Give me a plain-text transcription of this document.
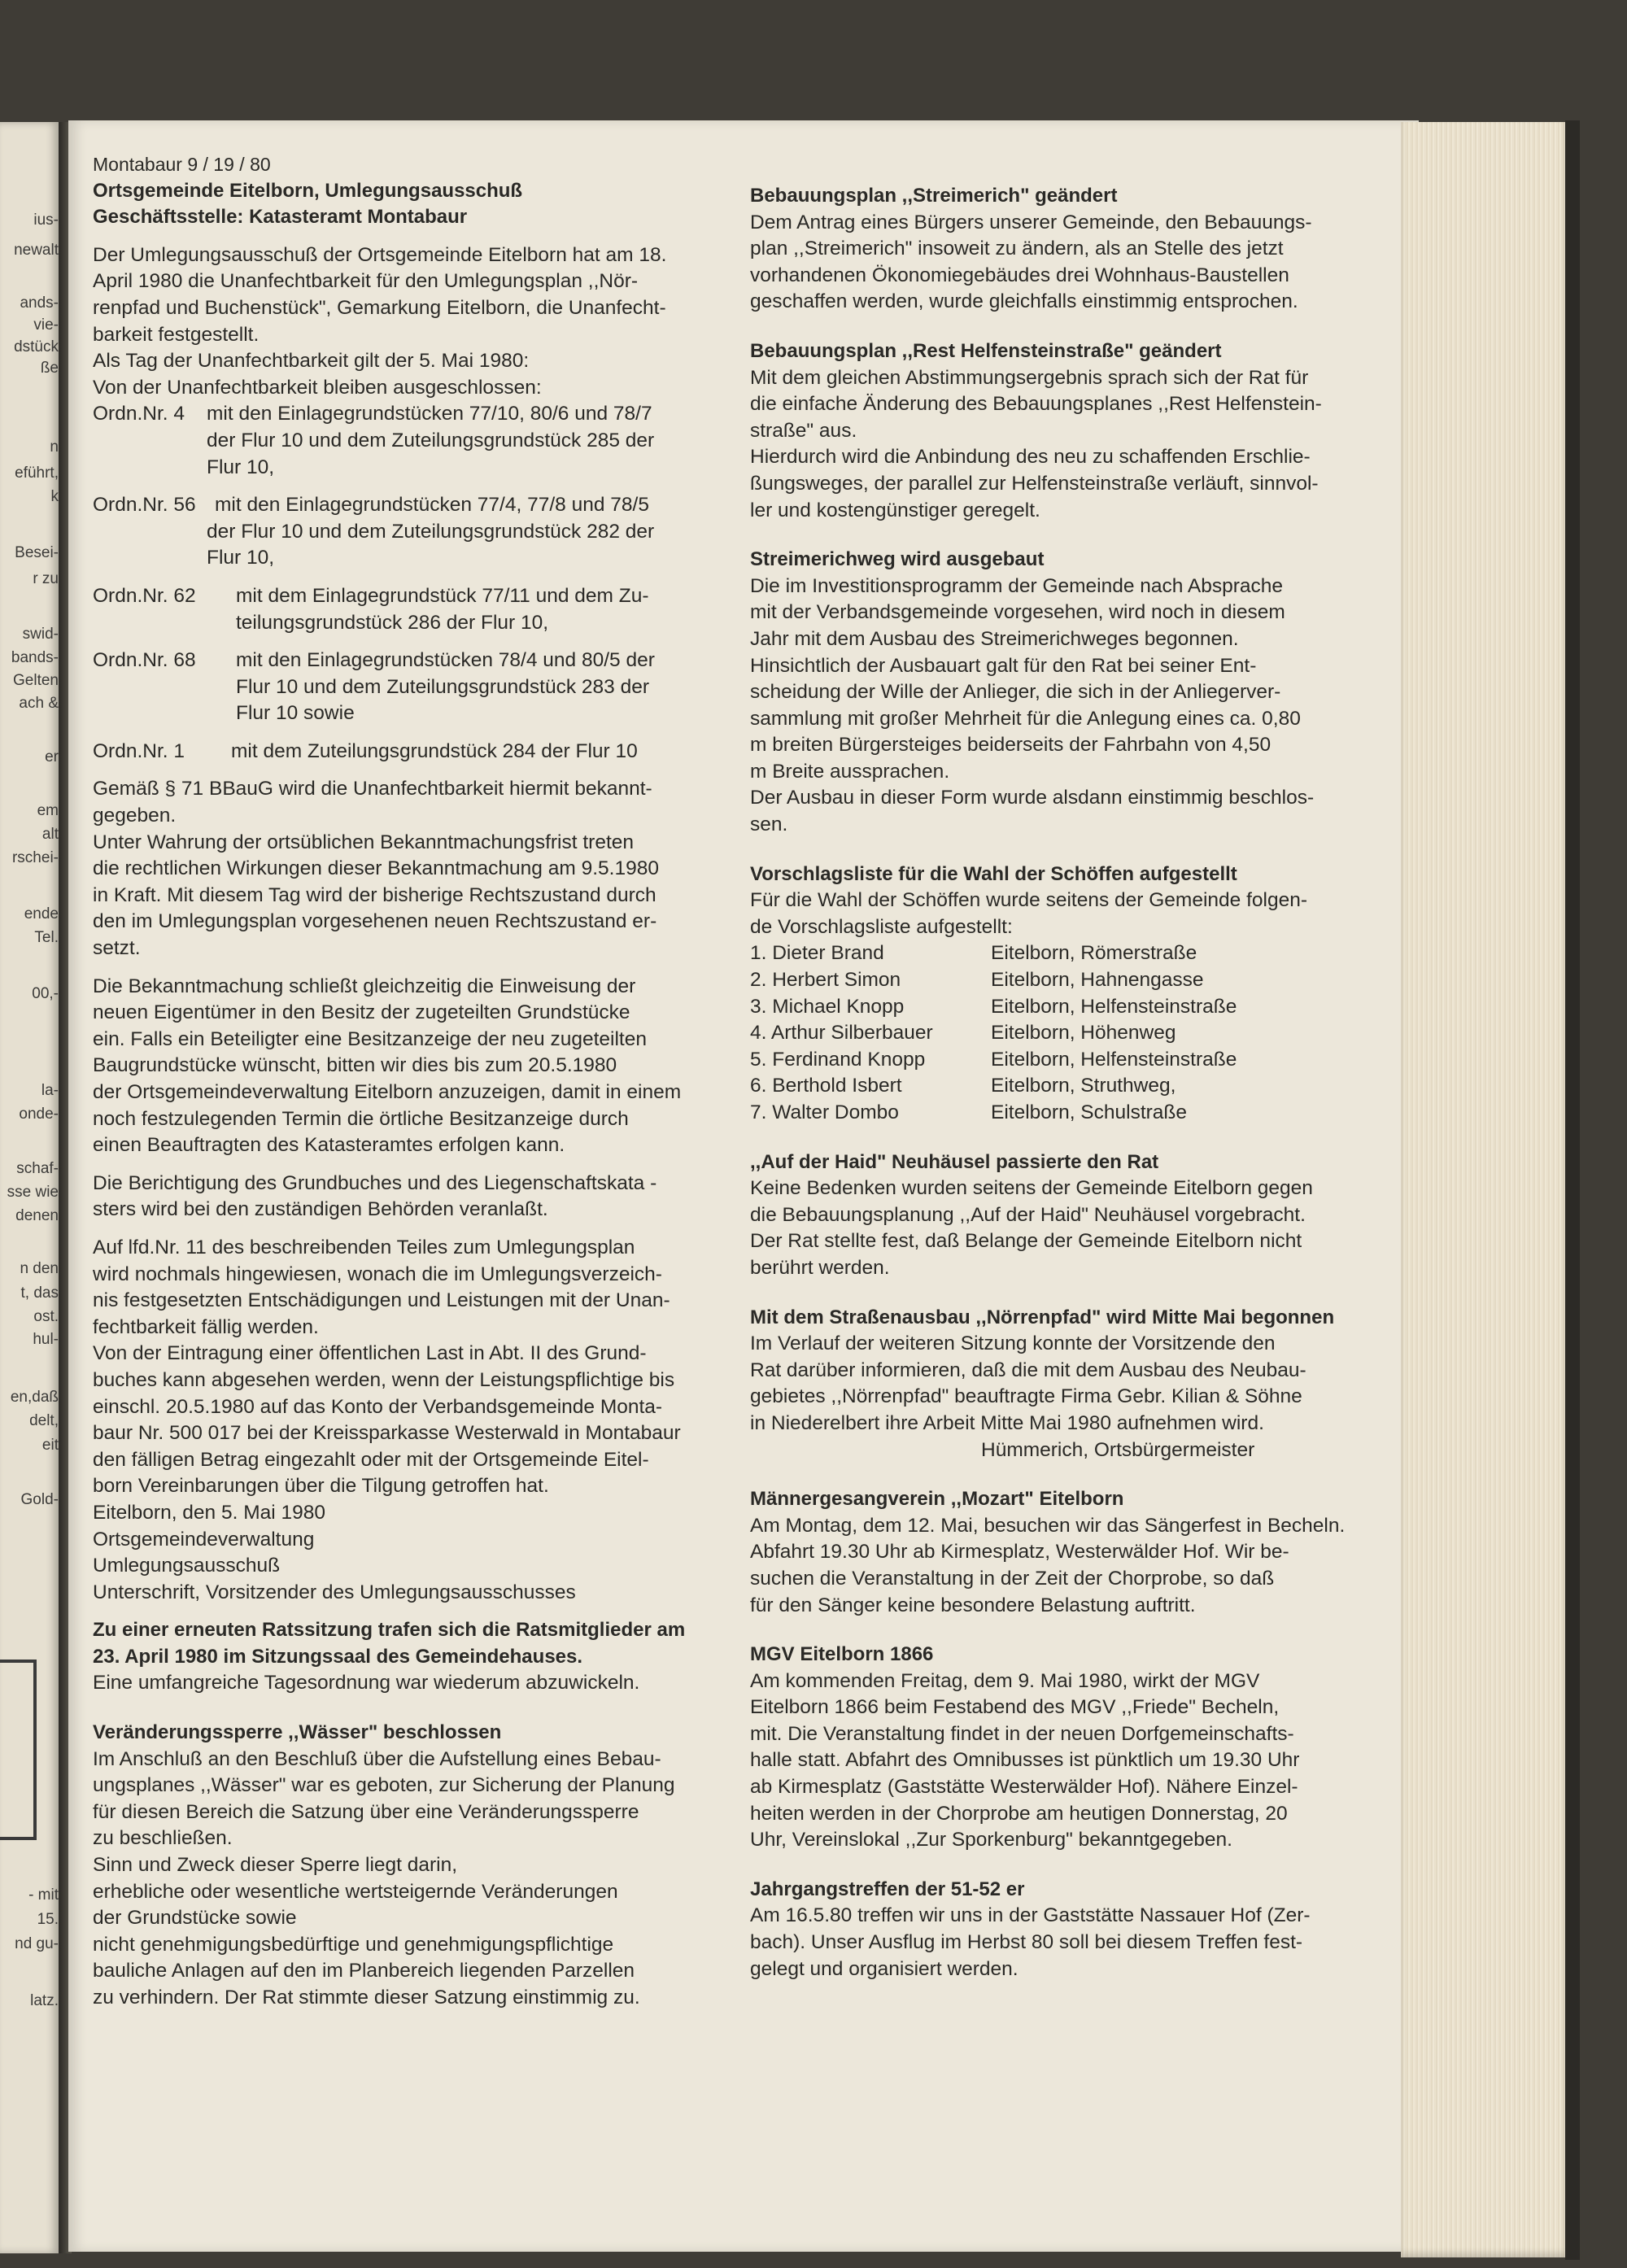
ius-
newalt
ands-
vie-
dstück
ße
n
eführt,
k
Besei-
r zu
swid-
bands-
Gelten
ach &
er
em
alt
rschei-
ende
Tel.
00,-
la-
onde-
schaf-
sse wie
denen
n den
t, das
ost.
hul-
en,daß
delt,
eit
Gold-
- mit
15.
nd gu-
latz.
Montabaur 9 / 19 / 80
Ortsgemeinde Eitelborn, Umlegungsausschuß
Geschäftsstelle: Katasteramt Montabaur
Der Umlegungsausschuß der Ortsgemeinde Eitelborn hat am 18.
April 1980 die Unanfechtbarkeit für den Umlegungsplan ,,Nör-
renpfad und Buchenstück", Gemarkung Eitelborn, die Unanfecht-
barkeit festgestellt.
Als Tag der Unanfechtbarkeit gilt der 5. Mai 1980:
Von der Unanfechtbarkeit bleiben ausgeschlossen:
Ordn.Nr. 4 mit den Einlagegrundstücken 77/10, 80/6 und 78/7
der Flur 10 und dem Zuteilungsgrundstück 285 der
Flur 10,
Ordn.Nr. 56 mit den Einlagegrundstücken 77/4, 77/8 und 78/5
der Flur 10 und dem Zuteilungsgrundstück 282 der
Flur 10,
Ordn.Nr. 62 mit dem Einlagegrundstück 77/11 und dem Zu-
teilungsgrundstück 286 der Flur 10,
Ordn.Nr. 68 mit den Einlagegrundstücken 78/4 und 80/5 der
Flur 10 und dem Zuteilungsgrundstück 283 der
Flur 10 sowie
Ordn.Nr. 1 mit dem Zuteilungsgrundstück 284 der Flur 10
Gemäß § 71 BBauG wird die Unanfechtbarkeit hiermit bekannt-
gegeben.
Unter Wahrung der ortsüblichen Bekanntmachungsfrist treten
die rechtlichen Wirkungen dieser Bekanntmachung am 9.5.1980
in Kraft. Mit diesem Tag wird der bisherige Rechtszustand durch
den im Umlegungsplan vorgesehenen neuen Rechtszustand er-
setzt.
Die Bekanntmachung schließt gleichzeitig die Einweisung der
neuen Eigentümer in den Besitz der zugeteilten Grundstücke
ein. Falls ein Beteiligter eine Besitzanzeige der neu zugeteilten
Baugrundstücke wünscht, bitten wir dies bis zum 20.5.1980
der Ortsgemeindeverwaltung Eitelborn anzuzeigen, damit in einem
noch festzulegenden Termin die örtliche Besitzanzeige durch
einen Beauftragten des Katasteramtes erfolgen kann.
Die Berichtigung des Grundbuches und des Liegenschaftskata -
sters wird bei den zuständigen Behörden veranlaßt.
Auf lfd.Nr. 11 des beschreibenden Teiles zum Umlegungsplan
wird nochmals hingewiesen, wonach die im Umlegungsverzeich-
nis festgesetzten Entschädigungen und Leistungen mit der Unan-
fechtbarkeit fällig werden.
Von der Eintragung einer öffentlichen Last in Abt. II des Grund-
buches kann abgesehen werden, wenn der Leistungspflichtige bis
einschl. 20.5.1980 auf das Konto der Verbandsgemeinde Monta-
baur Nr. 500 017 bei der Kreissparkasse Westerwald in Montabaur
den fälligen Betrag eingezahlt oder mit der Ortsgemeinde Eitel-
born Vereinbarungen über die Tilgung getroffen hat.
Eitelborn, den 5. Mai 1980
Ortsgemeindeverwaltung
Umlegungsausschuß
Unterschrift, Vorsitzender des Umlegungsausschusses
Zu einer erneuten Ratssitzung trafen sich die Ratsmitglieder am
23. April 1980 im Sitzungssaal des Gemeindehauses.
Eine umfangreiche Tagesordnung war wiederum abzuwickeln.
Veränderungssperre ,,Wässer" beschlossen
Im Anschluß an den Beschluß über die Aufstellung eines Bebau-
ungsplanes ,,Wässer" war es geboten, zur Sicherung der Planung
für diesen Bereich die Satzung über eine Veränderungssperre
zu beschließen.
Sinn und Zweck dieser Sperre liegt darin,
erhebliche oder wesentliche wertsteigernde Veränderungen
der Grundstücke sowie
nicht genehmigungsbedürftige und genehmigungspflichtige
bauliche Anlagen auf den im Planbereich liegenden Parzellen
zu verhindern. Der Rat stimmte dieser Satzung einstimmig zu.
Bebauungsplan ,,Streimerich" geändert
Dem Antrag eines Bürgers unserer Gemeinde, den Bebauungs-
plan ,,Streimerich" insoweit zu ändern, als an Stelle des jetzt
vorhandenen Ökonomiegebäudes drei Wohnhaus-Baustellen
geschaffen werden, wurde gleichfalls einstimmig entsprochen.
Bebauungsplan ,,Rest Helfensteinstraße" geändert
Mit dem gleichen Abstimmungsergebnis sprach sich der Rat für
die einfache Änderung des Bebauungsplanes ,,Rest Helfenstein-
straße" aus.
Hierdurch wird die Anbindung des neu zu schaffenden Erschlie-
ßungsweges, der parallel zur Helfensteinstraße verläuft, sinnvol-
ler und kostengünstiger geregelt.
Streimerichweg wird ausgebaut
Die im Investitionsprogramm der Gemeinde nach Absprache
mit der Verbandsgemeinde vorgesehen, wird noch in diesem
Jahr mit dem Ausbau des Streimerichweges begonnen.
Hinsichtlich der Ausbauart galt für den Rat bei seiner Ent-
scheidung der Wille der Anlieger, die sich in der Anliegerver-
sammlung mit großer Mehrheit für die Anlegung eines ca. 0,80
m breiten Bürgersteiges beiderseits der Fahrbahn von 4,50
m Breite aussprachen.
Der Ausbau in dieser Form wurde alsdann einstimmig beschlos-
sen.
Vorschlagsliste für die Wahl der Schöffen aufgestellt
Für die Wahl der Schöffen wurde seitens der Gemeinde folgen-
de Vorschlagsliste aufgestellt:
1. Dieter Brand	Eitelborn, Römerstraße
2. Herbert Simon	Eitelborn, Hahnengasse
3. Michael Knopp	Eitelborn, Helfensteinstraße
4. Arthur Silberbauer	Eitelborn, Höhenweg
5. Ferdinand Knopp	Eitelborn, Helfensteinstraße
6. Berthold Isbert	Eitelborn, Struthweg,
7. Walter Dombo	Eitelborn, Schulstraße
,,Auf der Haid" Neuhäusel passierte den Rat
Keine Bedenken wurden seitens der Gemeinde Eitelborn gegen
die Bebauungsplanung ,,Auf der Haid" Neuhäusel vorgebracht.
Der Rat stellte fest, daß Belange der Gemeinde Eitelborn nicht
berührt werden.
Mit dem Straßenausbau ,,Nörrenpfad" wird Mitte Mai begonnen
Im Verlauf der weiteren Sitzung konnte der Vorsitzende den
Rat darüber informieren, daß die mit dem Ausbau des Neubau-
gebietes ,,Nörrenpfad" beauftragte Firma Gebr. Kilian & Söhne
in Niederelbert ihre Arbeit Mitte Mai 1980 aufnehmen wird.
Hümmerich, Ortsbürgermeister
Männergesangverein ,,Mozart" Eitelborn
Am Montag, dem 12. Mai, besuchen wir das Sängerfest in Becheln.
Abfahrt 19.30 Uhr ab Kirmesplatz, Westerwälder Hof. Wir be-
suchen die Veranstaltung in der Zeit der Chorprobe, so daß
für den Sänger keine besondere Belastung auftritt.
MGV Eitelborn 1866
Am kommenden Freitag, dem 9. Mai 1980, wirkt der MGV
Eitelborn 1866 beim Festabend des MGV ,,Friede" Becheln,
mit. Die Veranstaltung findet in der neuen Dorfgemeinschafts-
halle statt. Abfahrt des Omnibusses ist pünktlich um 19.30 Uhr
ab Kirmesplatz (Gaststätte Westerwälder Hof). Nähere Einzel-
heiten werden in der Chorprobe am heutigen Donnerstag, 20
Uhr, Vereinslokal ,,Zur Sporkenburg" bekanntgegeben.
Jahrgangstreffen der 51-52 er
Am 16.5.80 treffen wir uns in der Gaststätte Nassauer Hof (Zer-
bach). Unser Ausflug im Herbst 80 soll bei diesem Treffen fest-
gelegt und organisiert werden.
